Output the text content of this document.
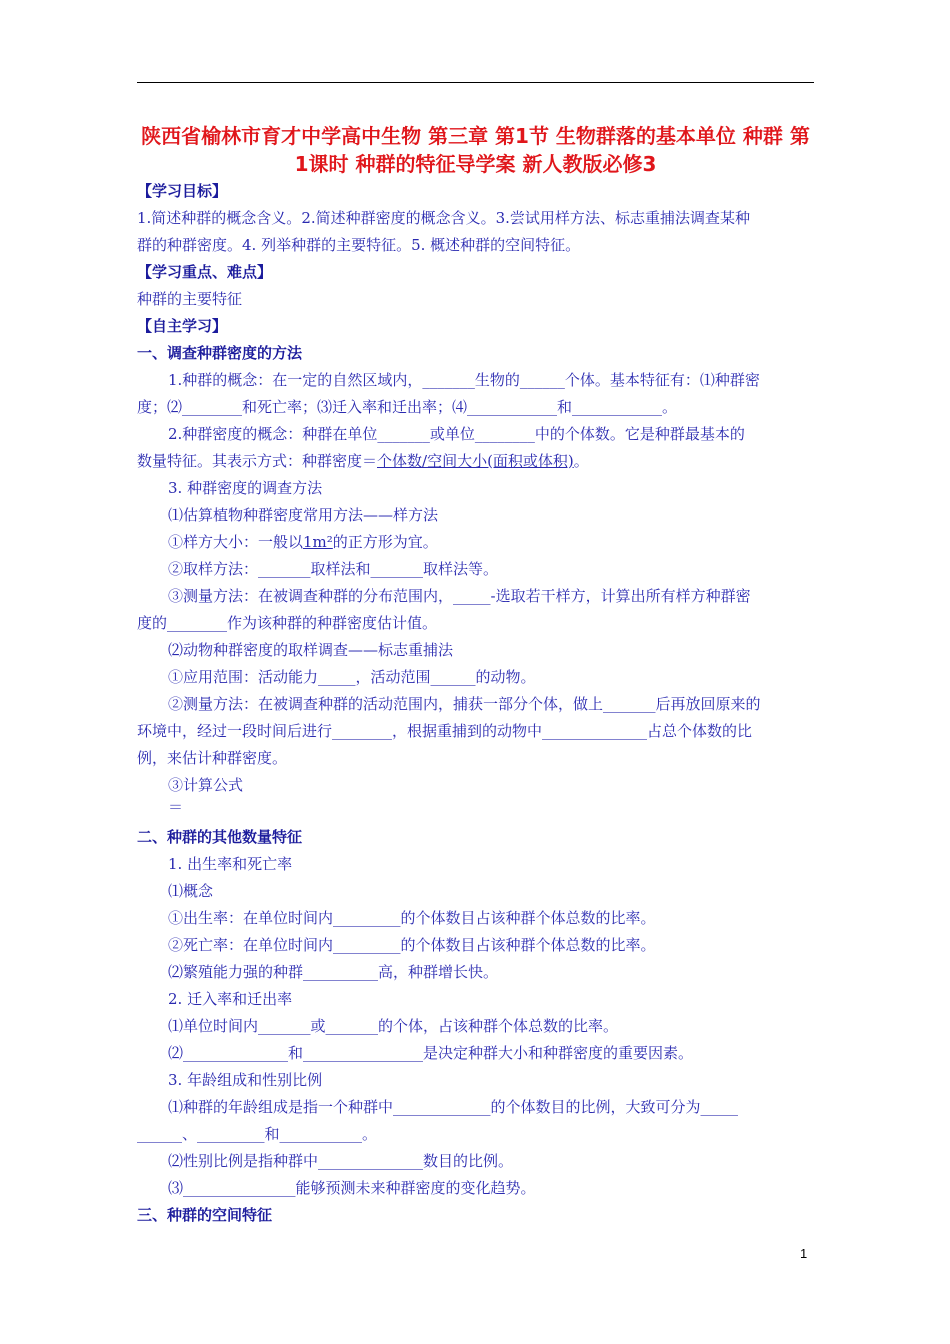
陕西省榆林市育才中学高中生物 第三章 第1节 生物群落的基本单位 种群 第1课时 种群的特征导学案 新人教版必修3

【学习目标】

1.简述种群的概念含义。2.简述种群密度的概念含义。3.尝试用样方法、标志重捕法调查某种

群的种群密度。4. 列举种群的主要特征。5. 概述种群的空间特征。

【学习重点、难点】

种群的主要特征

【自主学习】

一、调查种群密度的方法

1.种群的概念：在一定的自然区域内，_______生物的______个体。基本特征有：⑴种群密

度；⑵________和死亡率；⑶迁入率和迁出率；⑷____________和____________。

2.种群密度的概念：种群在单位_______或单位________中的个体数。它是种群最基本的

数量特征。其表示方式：种群密度＝个体数/空间大小(面积或体积)。

3. 种群密度的调查方法

⑴估算植物种群密度常用方法——样方法

①样方大小：一般以1m²的正方形为宜。

②取样方法：_______取样法和_______取样法等。

③测量方法：在被调查种群的分布范围内，_____-选取若干样方，计算出所有样方种群密

度的________作为该种群的种群密度估计值。

⑵动物种群密度的取样调查——标志重捕法

①应用范围：活动能力_____，活动范围______的动物。

②测量方法：在被调查种群的活动范围内，捕获一部分个体，做上_______后再放回原来的

环境中，经过一段时间后进行________，根据重捕到的动物中______________占总个体数的比

例，来估计种群密度。

③计算公式

＝

二、种群的其他数量特征

1. 出生率和死亡率

⑴概念

①出生率：在单位时间内_________的个体数目占该种群个体总数的比率。

②死亡率：在单位时间内_________的个体数目占该种群个体总数的比率。

⑵繁殖能力强的种群__________高，种群增长快。

2. 迁入率和迁出率

⑴单位时间内_______或_______的个体，占该种群个体总数的比率。

⑵______________和________________是决定种群大小和种群密度的重要因素。

3. 年龄组成和性别比例

⑴种群的年龄组成是指一个种群中_____________的个体数目的比例，大致可分为_____

______、_________和___________。

⑵性别比例是指种群中______________数目的比例。

⑶_______________能够预测未来种群密度的变化趋势。

三、种群的空间特征

1
